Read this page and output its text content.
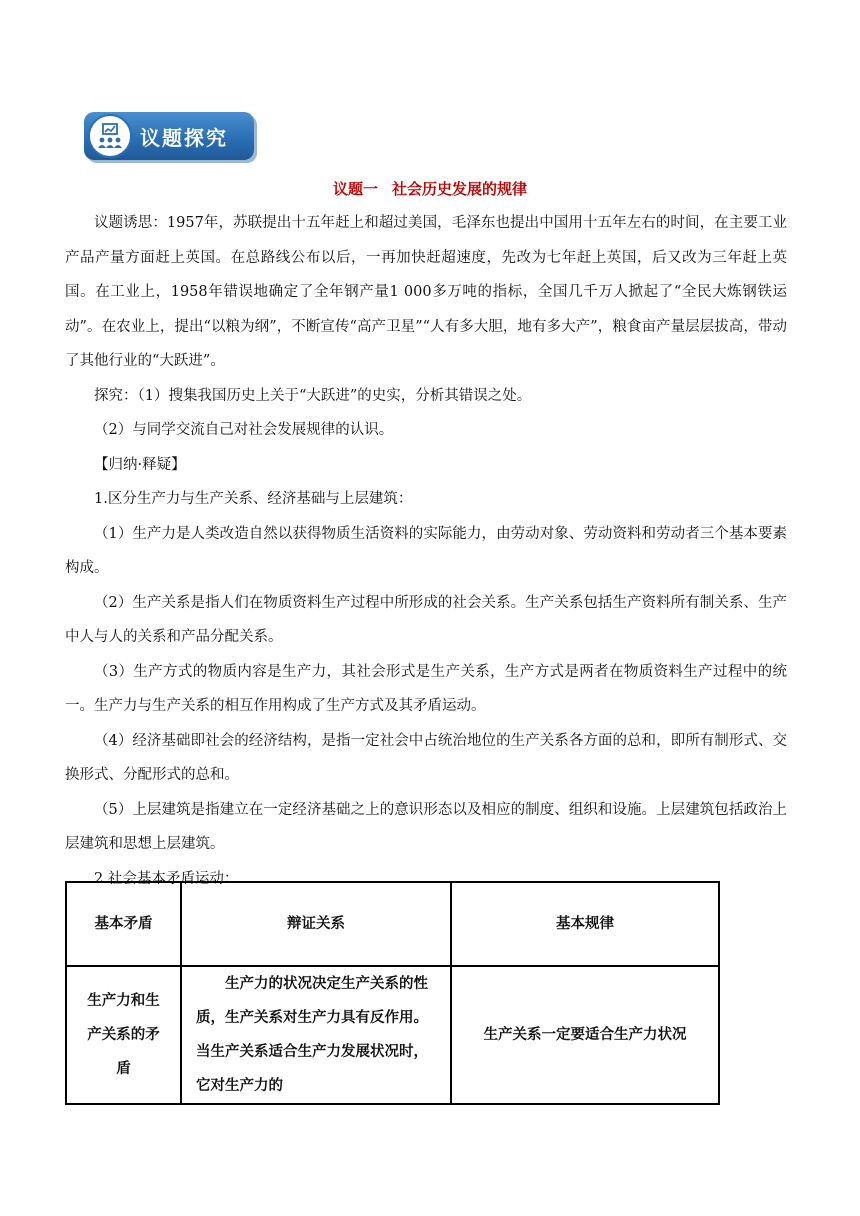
议题探究
议题一 社会历史发展的规律

议题诱思：1957年，苏联提出十五年赶上和超过美国，毛泽东也提出中国用十五年左右的时间，在主要工业产品产量方面赶上英国。在总路线公布以后，一再加快赶超速度，先改为七年赶上英国，后又改为三年赶上英国。在工业上，1958年错误地确定了全年钢产量1 000多万吨的指标，全国几千万人掀起了“全民大炼钢铁运动”。在农业上，提出“以粮为纲”，不断宣传“高产卫星”“人有多大胆，地有多大产”，粮食亩产量层层拔高，带动了其他行业的“大跃进”。

探究：（1）搜集我国历史上关于“大跃进”的史实，分析其错误之处。

（2）与同学交流自己对社会发展规律的认识。

【归纳·释疑】

1.区分生产力与生产关系、经济基础与上层建筑：

（1）生产力是人类改造自然以获得物质生活资料的实际能力，由劳动对象、劳动资料和劳动者三个基本要素构成。

（2）生产关系是指人们在物质资料生产过程中所形成的社会关系。生产关系包括生产资料所有制关系、生产中人与人的关系和产品分配关系。

（3）生产方式的物质内容是生产力，其社会形式是生产关系，生产方式是两者在物质资料生产过程中的统一。生产力与生产关系的相互作用构成了生产方式及其矛盾运动。

（4）经济基础即社会的经济结构，是指一定社会中占统治地位的生产关系各方面的总和，即所有制形式、交换形式、分配形式的总和。

（5）上层建筑是指建立在一定经济基础之上的意识形态以及相应的制度、组织和设施。上层建筑包括政治上层建筑和思想上层建筑。

2.社会基本矛盾运动：

基本矛盾	辩证关系	基本规律
生产力和生产关系的矛盾	生产力的状况决定生产关系的性质，生产关系对生产力具有反作用。当生产关系适合生产力发展状况时，它对生产力的	生产关系一定要适合生产力状况
